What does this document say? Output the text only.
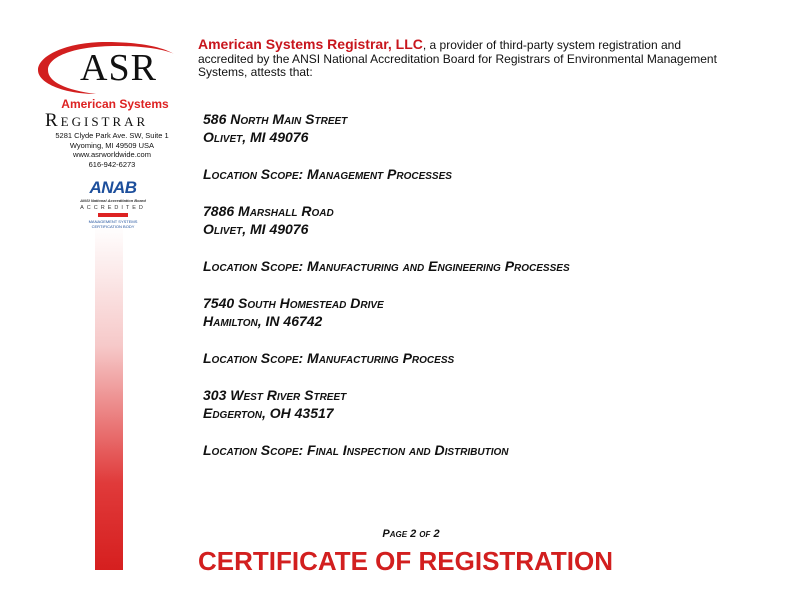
ASR
American Systems
Registrar
5281 Clyde Park Ave. SW, Suite 1
Wyoming, MI 49509 USA
www.asrworldwide.com
616-942-6273
ANAB
ANSI National Accreditation Board
ACCREDITED
MANAGEMENT SYSTEMS
CERTIFICATION BODY
American Systems Registrar, LLC, a provider of third-party system registration and accredited by the ANSI National Accreditation Board for Registrars of Environmental Management Systems, attests that:
586 North Main Street
Olivet, MI 49076
Location Scope: Management Processes
7886 Marshall Road
Olivet, MI 49076
Location Scope: Manufacturing and Engineering Processes
7540 South Homestead Drive
Hamilton, IN 46742
Location Scope: Manufacturing Process
303 West River Street
Edgerton, OH 43517
Location Scope: Final Inspection and Distribution
Page 2 of 2
CERTIFICATE OF REGISTRATION
